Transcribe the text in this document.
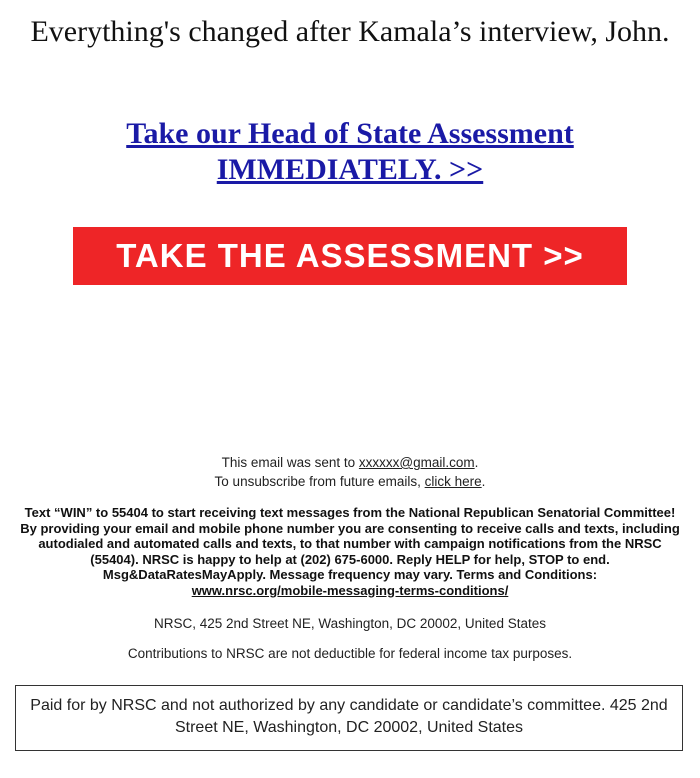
Everything's changed after Kamala’s interview, John.
Take our Head of State Assessment IMMEDIATELY. >>
TAKE THE ASSESSMENT >>
This email was sent to xxxxxx@gmail.com.
To unsubscribe from future emails, click here.
Text “WIN” to 55404 to start receiving text messages from the National Republican Senatorial Committee! By providing your email and mobile phone number you are consenting to receive calls and texts, including autodialed and automated calls and texts, to that number with campaign notifications from the NRSC (55404). NRSC is happy to help at (202) 675-6000. Reply HELP for help, STOP to end. Msg&DataRatesMayApply. Message frequency may vary. Terms and Conditions:
www.nrsc.org/mobile-messaging-terms-conditions/
NRSC, 425 2nd Street NE, Washington, DC 20002, United States
Contributions to NRSC are not deductible for federal income tax purposes.
Paid for by NRSC and not authorized by any candidate or candidate’s committee. 425 2nd Street NE, Washington, DC 20002, United States
